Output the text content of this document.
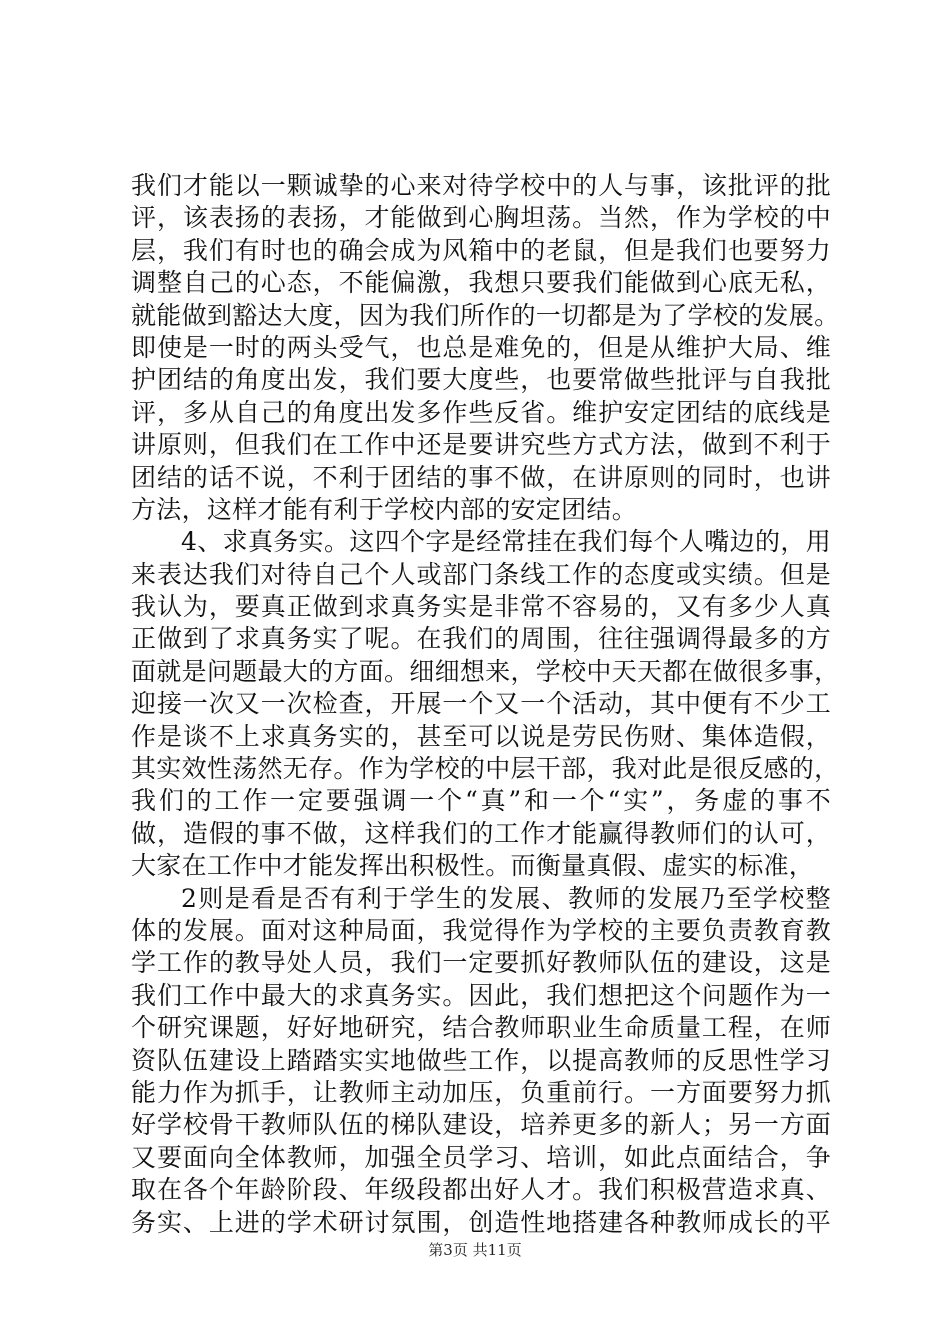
我们才能以一颗诚挚的心来对待学校中的人与事，该批评的批
评，该表扬的表扬，才能做到心胸坦荡。当然，作为学校的中
层，我们有时也的确会成为风箱中的老鼠，但是我们也要努力
调整自己的心态，不能偏激，我想只要我们能做到心底无私，
就能做到豁达大度，因为我们所作的一切都是为了学校的发展。
即使是一时的两头受气，也总是难免的，但是从维护大局、维
护团结的角度出发，我们要大度些，也要常做些批评与自我批
评，多从自己的角度出发多作些反省。维护安定团结的底线是
讲原则，但我们在工作中还是要讲究些方式方法，做到不利于
团结的话不说，不利于团结的事不做，在讲原则的同时，也讲
方法，这样才能有利于学校内部的安定团结。
4、求真务实。这四个字是经常挂在我们每个人嘴边的，用
来表达我们对待自己个人或部门条线工作的态度或实绩。但是
我认为，要真正做到求真务实是非常不容易的，又有多少人真
正做到了求真务实了呢。在我们的周围，往往强调得最多的方
面就是问题最大的方面。细细想来，学校中天天都在做很多事，
迎接一次又一次检查，开展一个又一个活动，其中便有不少工
作是谈不上求真务实的，甚至可以说是劳民伤财、集体造假，
其实效性荡然无存。作为学校的中层干部，我对此是很反感的，
我们的工作一定要强调一个“真”和一个“实”，务虚的事不
做，造假的事不做，这样我们的工作才能赢得教师们的认可，
大家在工作中才能发挥出积极性。而衡量真假、虚实的标准，
2则是看是否有利于学生的发展、教师的发展乃至学校整
体的发展。面对这种局面，我觉得作为学校的主要负责教育教
学工作的教导处人员，我们一定要抓好教师队伍的建设，这是
我们工作中最大的求真务实。因此，我们想把这个问题作为一
个研究课题，好好地研究，结合教师职业生命质量工程，在师
资队伍建设上踏踏实实地做些工作，以提高教师的反思性学习
能力作为抓手，让教师主动加压，负重前行。一方面要努力抓
好学校骨干教师队伍的梯队建设，培养更多的新人；另一方面
又要面向全体教师，加强全员学习、培训，如此点面结合，争
取在各个年龄阶段、年级段都出好人才。我们积极营造求真、
务实、上进的学术研讨氛围，创造性地搭建各种教师成长的平
第3页 共11页
